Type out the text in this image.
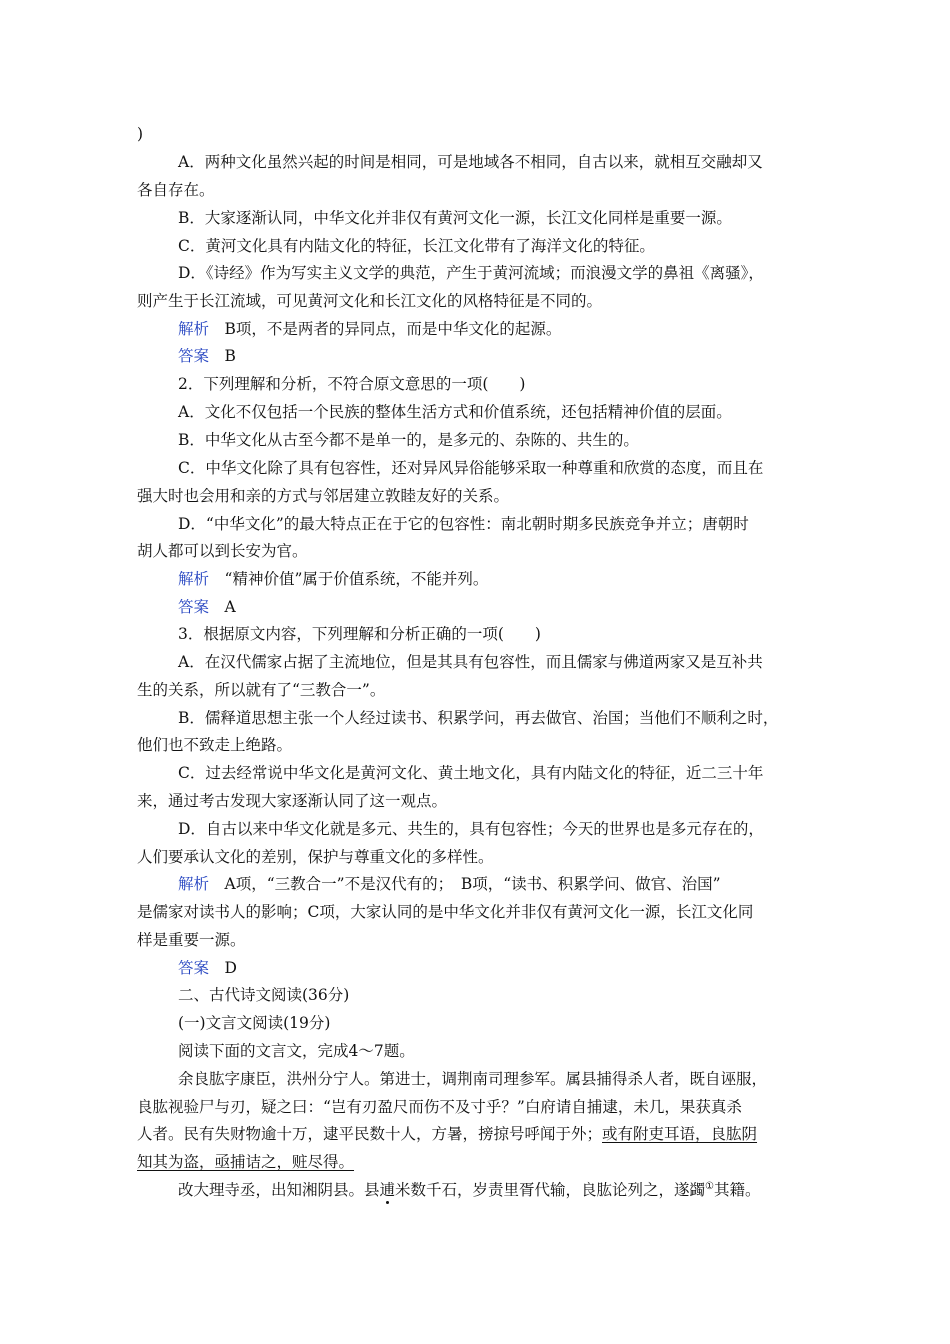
)
A．两种文化虽然兴起的时间是相同，可是地域各不相同，自古以来，就相互交融却又
各自存在。
B．大家逐渐认同，中华文化并非仅有黄河文化一源，长江文化同样是重要一源。
C．黄河文化具有内陆文化的特征，长江文化带有了海洋文化的特征。
D．《诗经》作为写实主义文学的典范，产生于黄河流域；而浪漫文学的鼻祖《离骚》，
则产生于长江流域，可见黄河文化和长江文化的风格特征是不同的。
解析　 B项，不是两者的异同点，而是中华文化的起源。
答案　 B
2．下列理解和分析，不符合原文意思的一项(　　)
A．文化不仅包括一个民族的整体生活方式和价值系统，还包括精神价值的层面。
B．中华文化从古至今都不是单一的，是多元的、杂陈的、共生的。
C．中华文化除了具有包容性，还对异风异俗能够采取一种尊重和欣赏的态度，而且在
强大时也会用和亲的方式与邻居建立敦睦友好的关系。
D．“中华文化”的最大特点正在于它的包容性：南北朝时期多民族竞争并立；唐朝时
胡人都可以到长安为官。
解析　 “精神价值”属于价值系统，不能并列。
答案　 A
3．根据原文内容，下列理解和分析正确的一项(　　)
A．在汉代儒家占据了主流地位，但是其具有包容性，而且儒家与佛道两家又是互补共
生的关系，所以就有了“三教合一”。
B．儒释道思想主张一个人经过读书、积累学问，再去做官、治国；当他们不顺利之时，
他们也不致走上绝路。
C．过去经常说中华文化是黄河文化、黄土地文化，具有内陆文化的特征，近二三十年
来，通过考古发现大家逐渐认同了这一观点。
D．自古以来中华文化就是多元、共生的，具有包容性；今天的世界也是多元存在的，
人们要承认文化的差别，保护与尊重文化的多样性。
解析　 A项，“三教合一”不是汉代有的；　B项，“读书、积累学问、做官、治国”
是儒家对读书人的影响；C项，大家认同的是中华文化并非仅有黄河文化一源，长江文化同
样是重要一源。
答案　 D
二、古代诗文阅读(36分)
(一)文言文阅读(19分)
阅读下面的文言文，完成4～7题。
余良肱字康臣，洪州分宁人。第进士，调荆南司理参军。属县捕得杀人者，既自诬服，
良肱视验尸与刃，疑之曰：“岂有刃盈尺而伤不及寸乎？”白府请自捕逮，未几，果获真杀
人者。民有失财物逾十万，逮平民数十人，方暑，搒掠号呼闻于外；或有附吏耳语，良肱阴
知其为盗，亟捕诘之，赃尽得。
改大理寺丞，出知湘阴县。县逋米数千石，岁责里胥代输，良肱论列之，遂蠲①其籍。
